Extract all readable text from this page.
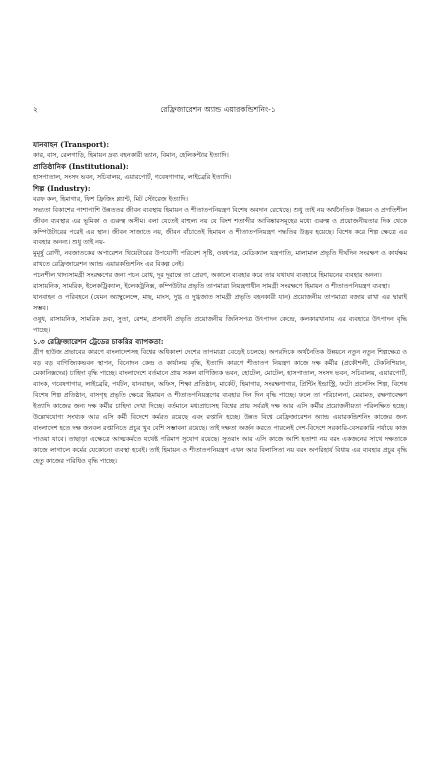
২	রেফ্রিজারেশন অ্যান্ড এয়ারকন্ডিশনিং-১
যানবাহন (Transport):

কার, বাস, রেলগাড়ি, হিমায়ন দ্রব্য বহনকারী ভ্যান, বিমান, হেলিকপ্টার ইত্যাদি।

প্রাতিষ্ঠানিক (Institutional):

হাসপাতাল, সংসদ ভবন, সচিবালয়, এয়ারপোর্ট, গবেষণাগার, লাইব্রেরি ইত্যাদি।

শিল্প (Industry):

বরফ কল, হিমাগার, ফিশ ফ্রিজিং প্ল্যান্ট, মিট স্টোরেজ ইত্যাদি।

সভ্যতা বিকাশের পাশাপাশি উন্নততর জীবন ব্যবস্থায় হিমায়ন ও শীতাতপনিয়ন্ত্রণ বিশেষ অবদান রেখেছে। শুধু তাই নয় অর্থনৈতিক উন্নয়ন ও প্রগতিশীল জীবন ব্যবস্থার এর ভূমিকা ও গুরুত্ব অসীম। বলা যেতেই বাহুল্য নয় যে বিংশ শতাব্দীর আবিষ্কারসমূহের মধ্যে গুরুত্ব ও প্রয়োজনীয়তার দিক থেকে কম্পিউটারের পরেই এর স্থান। জীবন সাজাতে নয়, জীবন বাঁচাতেই হিমায়ন ও শীতাতপনিয়ন্ত্রণ পদ্ধতির উদ্ভব হয়েছে। বিশেষ করে শিল্প ক্ষেত্রে এর ব্যবহার অনন্য। শুধু তাই নয়-

মুমূর্ষু রোগী, নবজাতকের অপারেশন থিয়েটারের উপযোগী পরিবেশ সৃষ্টি, ওষধপত্র, মেডিক্যাল যন্ত্রপাতি, মালামাল প্রভৃতি দীর্ঘদিন সংরক্ষণ ও কার্যক্ষম রাখতে রেফ্রিজারেশন অ্যান্ড এয়ারকন্ডিশনিং এর বিকল্প নেই।

পচনশীল খাদ্যসামগ্রী সংরক্ষণের জন্য পচন রোধ, দূর দূরান্তে তা প্রেরণ, অকালে ব্যবহার করে তার যথাযথ ব্যবহারে হিমায়নের ব্যবহার অনন্য।

রাসায়নিক, সামরিক, ইলেকট্রিক্যাল, ইলেকট্রনিক্স, কম্পিউটার প্রভৃতি তাপমাত্রা নিয়ন্ত্রণাধীন সামগ্রী সংরক্ষণে হিমায়ন ও শীতাতপনিয়ন্ত্রণ ব্যবস্থা।

যানবাহন ও পরিবহনে (যেমন অ্যাম্বুলেন্সে, মাছ, মাংস, দুগ্ধ ও দুগ্ধজাত সামগ্রী প্রভৃতি বহনকারী যান) প্রয়োজনীয় তাপমাত্রা বজায় রাখা এর দ্বারাই সম্ভব।

ওষুধ, রাসায়নিক, সামরিক দ্রব্য, সুতা, রেশম, প্রসাধনী প্রভৃতি প্রয়োজনীয় জিনিসপত্র উৎপাদন কেন্দ্রে, কলকারখানায় এর ব্যবহারে উৎপাদন বৃদ্ধি পাচ্ছে।

১.৩ রেফ্রিজারেশন ট্রেডের চাকরির ব্যাপকতা:

গ্রীণ হাউজ প্রভাবের কারণে বাংলাদেশসহ বিশ্বের অধিকাংশ দেশের তাপমাত্রা বেড়েই চলেছে। অপরদিকে অর্থনৈতিক উন্নয়নে নতুন নতুন শিল্পক্ষেত্র ও বড় বড় বাণিজ্যিকভবন স্থাপন, বিনোদন কেন্দ্র ও কার্যালয় বৃদ্ধি, ইত্যাদি কারণে শীতাতপ নিয়ন্ত্রণ কাজে দক্ষ কর্মীর (প্রকৌশলী, টেকনিশিয়ান, মেকানিক্সদের) চাহিদা বৃদ্ধি পাচ্ছে। বাংলাদেশে বর্তমানে প্রায় সকল বাণিজ্যিক ভবন, হোটেল, মোটেল, হাসপাতাল, সংসদ ভবন, সচিবালয়, এয়ারপোর্ট, ব্যাংক, গবেষণাগার, লাইব্রেরি, পর্যটন, যানবাহন, অফিস, শিক্ষা প্রতিষ্ঠান, মার্কেট, হিমাগার, সংরক্ষণাগার, প্রিন্টিং ইন্ডাস্ট্রি, ফটো প্রসেসিং শিল্প, বিশেষ বিশেষ শিল্প প্রতিষ্ঠান, বাসগৃহ প্রভৃতি ক্ষেত্রে হিমায়ন ও শীতাতপনিয়ন্ত্রণের ব্যবহার দিন দিন বৃদ্ধি পাচ্ছে। ফলে তা পরিচালনা, মেরামত, রক্ষণাবেক্ষণ ইত্যাদি কাজের জন্য দক্ষ কর্মীর চাহিদা দেখা দিচ্ছে। বর্তমানে মধ্যপ্রাচ্যসহ বিশ্বের প্রায় সর্বত্রই দক্ষ আর এসি কর্মীর প্রয়োজনীয়তা পরিলক্ষিত হচ্ছে। উল্লেখযোগ্য সংখ্যক আর এসি কর্মী বিদেশে কর্মরত রয়েছে এবং রপ্তানি হচ্ছে। উন্নত বিশ্বে রেফ্রিজারেশন অ্যান্ড এয়ারকন্ডিশনিং কাজের জন্য বাংলাদেশ হতে দক্ষ জনবল রপ্তানিতে প্রচুর খুব বেশি সম্ভাবনা রয়েছে। তাই দক্ষতা অর্জন করতে পারলেই দেশ-বিদেশে সরকারি-বেসরকারি পর্যায়ে কাজ পাওয়া যাবে। তাছাড়া এক্ষেত্রে আত্মকর্মতে যথেষ্ট পরিমাণ সুযোগ রয়েছে। সুতরাং আর এসি কাজে আশি হতাশা নয় বরং একজনের সাথে দক্ষতাকে কাজে লাগালে কর্মের যেকোনো ব্যবস্থা হবেই। তাই হিমায়ন ও শীতাতপনিয়ন্ত্রণ এখন আর বিলাসিতা নয় বরং অপরিহার্য বিধায় এর ব্যবহার প্রচুর বৃদ্ধি হেতু কাজের পরিধিও বৃদ্ধি পাচ্ছে।
